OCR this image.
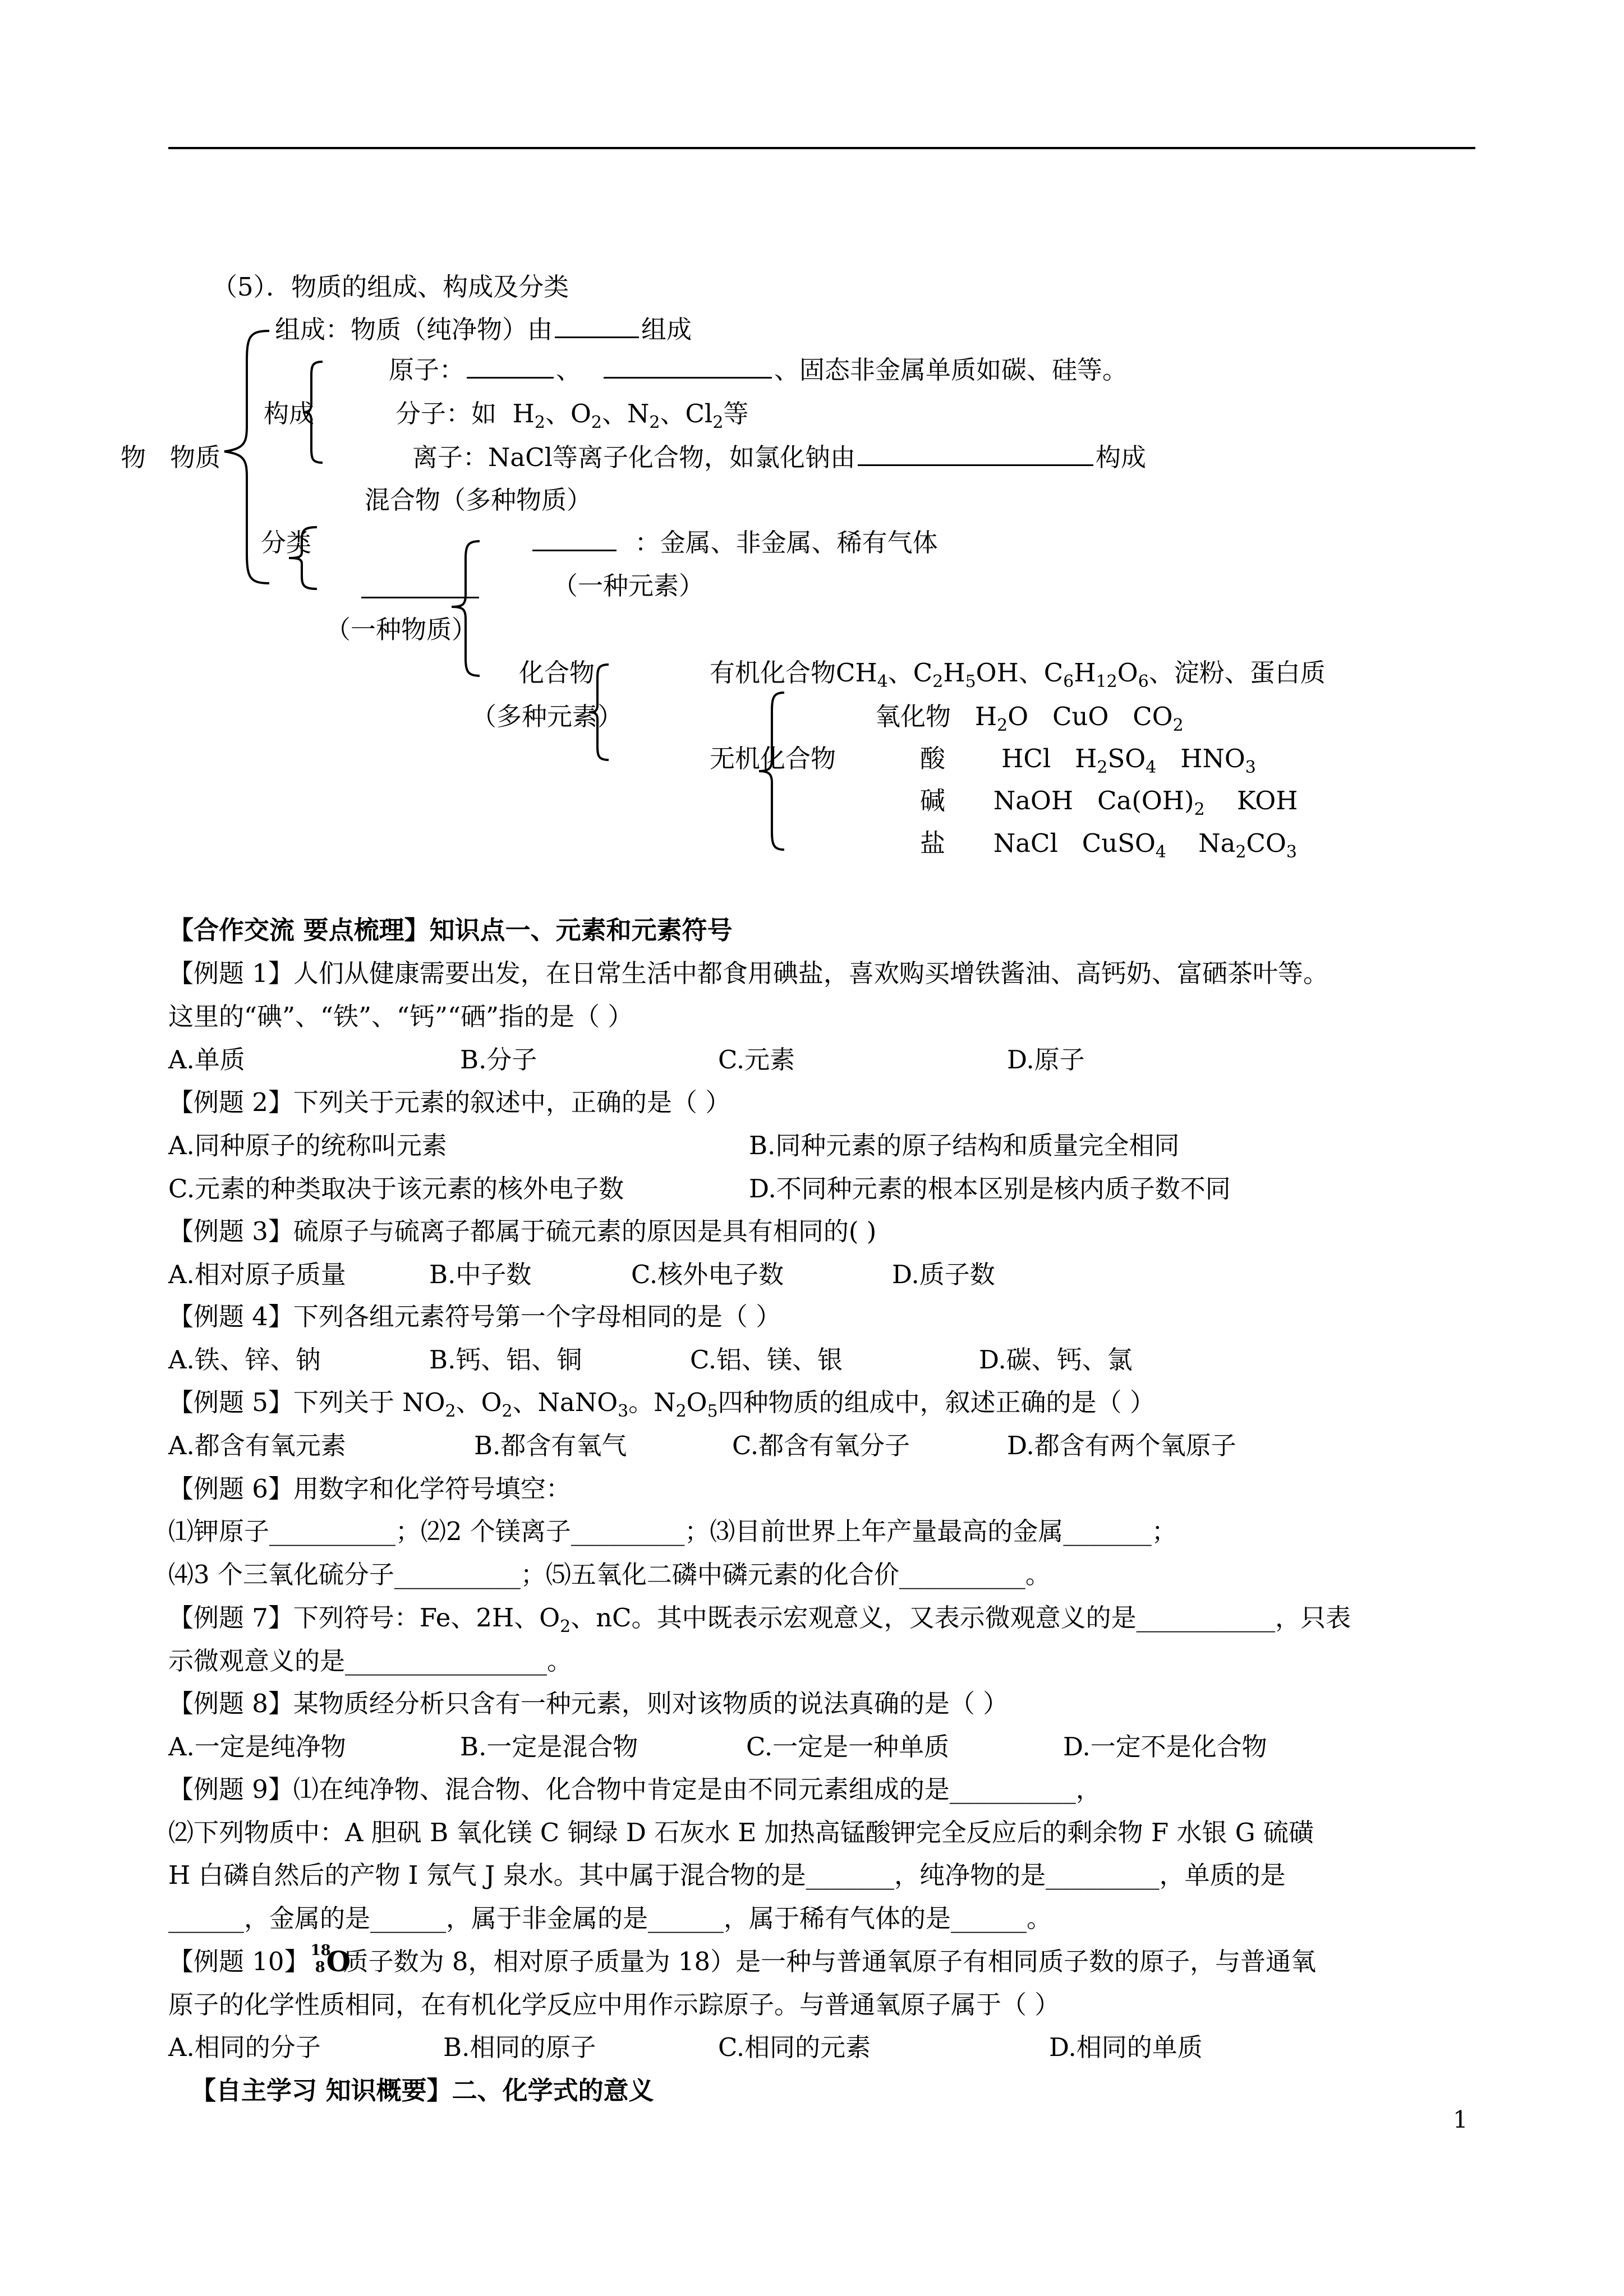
（5）．物质的组成、构成及分类
组成：物质（纯净物）由	组成
原子：	、	、固态非金属单质如碳、硅等。
构成	分子：如 $H_2$、$O_2$、$N_2$、$Cl_2$等
物 物质	离子：NaCl等离子化合物，如氯化钠由	构成
混合物（多种物质）
分类	：金属、非金属、稀有气体
（一种元素）
（一种物质）
化合物	有机化合物$CH_4$、$C_2H_5OH$、$C_6H_{12}O_6$、淀粉、蛋白质
（多种元素）	氧化物   $H_2O$   CuO   $CO_2$
无机化合物	酸       HCl   $H_2SO_4$   $HNO_3$
碱      NaOH   $Ca(OH)_2$    KOH
盐      NaCl   CuSO$_4$    $Na_2CO_3$
【合作交流 要点梳理】知识点一、元素和元素符号
【例题 1】人们从健康需要出发，在日常生活中都食用碘盐，喜欢购买增铁酱油、高钙奶、富硒茶叶等。
这里的“碘”、“铁”、“钙”“硒”指的是（ ）
A.单质	B.分子	C.元素	D.原子
【例题 2】下列关于元素的叙述中，正确的是（ ）
A.同种原子的统称叫元素	B.同种元素的原子结构和质量完全相同
C.元素的种类取决于该元素的核外电子数	D.不同种元素的根本区别是核内质子数不同
【例题 3】硫原子与硫离子都属于硫元素的原因是具有相同的( )
A.相对原子质量	B.中子数	C.核外电子数	D.质子数
【例题 4】下列各组元素符号第一个字母相同的是（ ）
A.铁、锌、钠	B.钙、铝、铜	C.铝、镁、银	D.碳、钙、氯
【例题 5】下列关于 $NO_2$、$O_2$、NaNO$_3$。$N_2O_5$四种物质的组成中，叙述正确的是（ ）
A.都含有氧元素	B.都含有氧气	C.都含有氧分子	D.都含有两个氧原子
【例题 6】用数字和化学符号填空：
⑴钾原子__________；⑵2 个镁离子_________；⑶目前世界上年产量最高的金属_______；
⑷3 个三氧化硫分子__________；⑸五氧化二磷中磷元素的化合价__________。
【例题 7】下列符号：Fe、2H、$O_2$、nC。其中既表示宏观意义，又表示微观意义的是___________，只表
示微观意义的是________________。
【例题 8】某物质经分析只含有一种元素，则对该物质的说法真确的是（ ）
A.一定是纯净物	B.一定是混合物	C.一定是一种单质	D.一定不是化合物
【例题 9】⑴在纯净物、混合物、化合物中肯定是由不同元素组成的是__________，
⑵下列物质中：A 胆矾 B 氧化镁 C 铜绿 D 石灰水 E 加热高锰酸钾完全反应后的剩余物 F 水银 G 硫磺
H 白磷自然后的产物 I 氖气 J 泉水。其中属于混合物的是_______，纯净物的是_________，单质的是
______，金属的是______，属于非金属的是______，属于稀有气体的是______。
【例题 10】 18
8 O
质子数为 8，相对原子质量为 18）是一种与普通氧原子有相同质子数的原子，与普通氧
原子的化学性质相同，在有机化学反应中用作示踪原子。与普通氧原子属于（ ）
A.相同的分子	B.相同的原子	C.相同的元素	D.相同的单质
【自主学习 知识概要】二、化学式的意义
1
